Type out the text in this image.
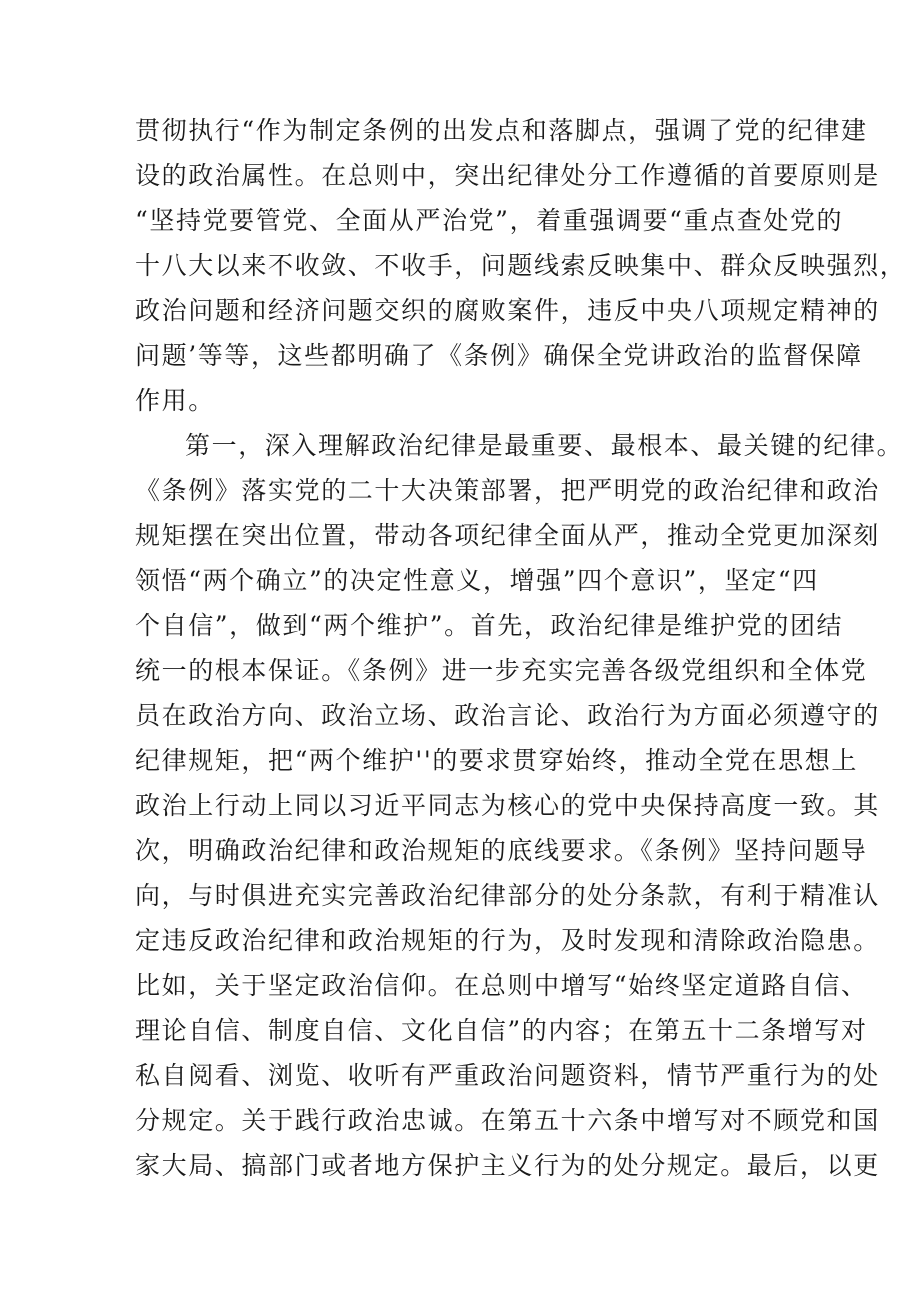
贯彻执行“作为制定条例的出发点和落脚点，强调了党的纪律建
设的政治属性。在总则中，突出纪律处分工作遵循的首要原则是
“坚持党要管党、全面从严治党”，着重强调要“重点查处党的
十八大以来不收敛、不收手，问题线索反映集中、群众反映强烈，
政治问题和经济问题交织的腐败案件，违反中央八项规定精神的
问题’等等，这些都明确了《条例》确保全党讲政治的监督保障
作用。
第一，深入理解政治纪律是最重要、最根本、最关键的纪律。
《条例》落实党的二十大决策部署，把严明党的政治纪律和政治
规矩摆在突出位置，带动各项纪律全面从严，推动全党更加深刻
领悟“两个确立”的决定性意义，增强”四个意识”，坚定“四
个自信”，做到“两个维护”。首先，政治纪律是维护党的团结
统一的根本保证。《条例》进一步充实完善各级党组织和全体党
员在政治方向、政治立场、政治言论、政治行为方面必须遵守的
纪律规矩，把“两个维护''的要求贯穿始终，推动全党在思想上
政治上行动上同以习近平同志为核心的党中央保持高度一致。其
次，明确政治纪律和政治规矩的底线要求。《条例》坚持问题导
向，与时俱进充实完善政治纪律部分的处分条款，有利于精准认
定违反政治纪律和政治规矩的行为，及时发现和清除政治隐患。
比如，关于坚定政治信仰。在总则中增写“始终坚定道路自信、
理论自信、制度自信、文化自信”的内容；在第五十二条增写对
私自阅看、浏览、收听有严重政治问题资料，情节严重行为的处
分规定。关于践行政治忠诚。在第五十六条中增写对不顾党和国
家大局、搞部门或者地方保护主义行为的处分规定。最后，以更
